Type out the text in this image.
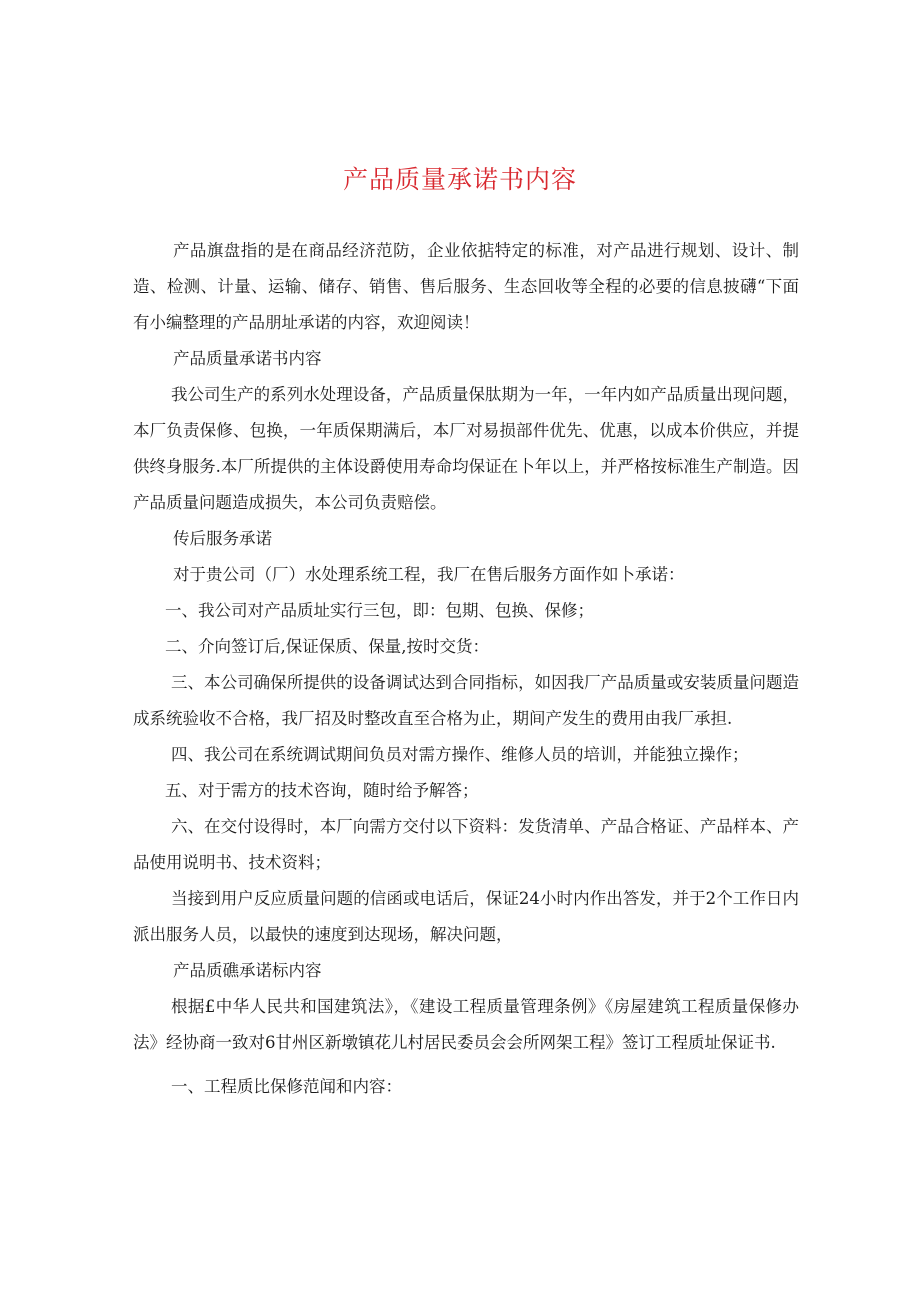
产品质量承诺书内容

产品旗盘指的是在商品经济范防，企业依掂特定的标准，对产品进行规划、设计、制造、检测、计量、运输、储存、销售、售后服务、生态回收等全程的必要的信息披礴“下面有小编整理的产品朋址承诺的内容，欢迎阅读！

产品质量承诺书内容

我公司生产的系列水处理设备，产品质量保肽期为一年，一年内如产品质量出现问题，本厂负责保修、包换，一年质保期满后，本厂对易损部件优先、优惠，以成本价供应，并提供终身服务.本厂所提供的主体设爵使用寿命均保证在卜年以上，并严格按标准生产制造。因产品质量问题造成损失，本公司负责赔偿。

传后服务承诺

对于贵公司（厂）水处理系统工程，我厂在售后服务方面作如卜承诺：

一、我公司对产品质址实行三包，即：包期、包换、保修；

二、介向签订后,保证保质、保量,按时交货：

三、本公司确保所提供的设备调试达到合同指标，如因我厂产品质量或安装质量问题造成系统验收不合格，我厂招及时整改直至合格为止，期间产发生的费用由我厂承担.

四、我公司在系统调试期间负员对需方操作、维修人员的培训，并能独立操作；

五、对于需方的技术咨询，随时给予解答；

六、在交付设得时，本厂向需方交付以下资料：发货清单、产品合格证、产品样本、产品使用说明书、技术资料；

当接到用户反应质量问题的信函或电话后，保证24小时内作出答发，并于2个工作日内派出服务人员，以最快的速度到达现场，解决问题，

产品质礁承诺标内容

根据£中华人民共和国建筑法》，《建设工程质量管理条例》《房屋建筑工程质量保修办法》经协商一致对6甘州区新墩镇花儿村居民委员会会所网架工程》签订工程质址保证书.

一、工程质比保修范闻和内容：
